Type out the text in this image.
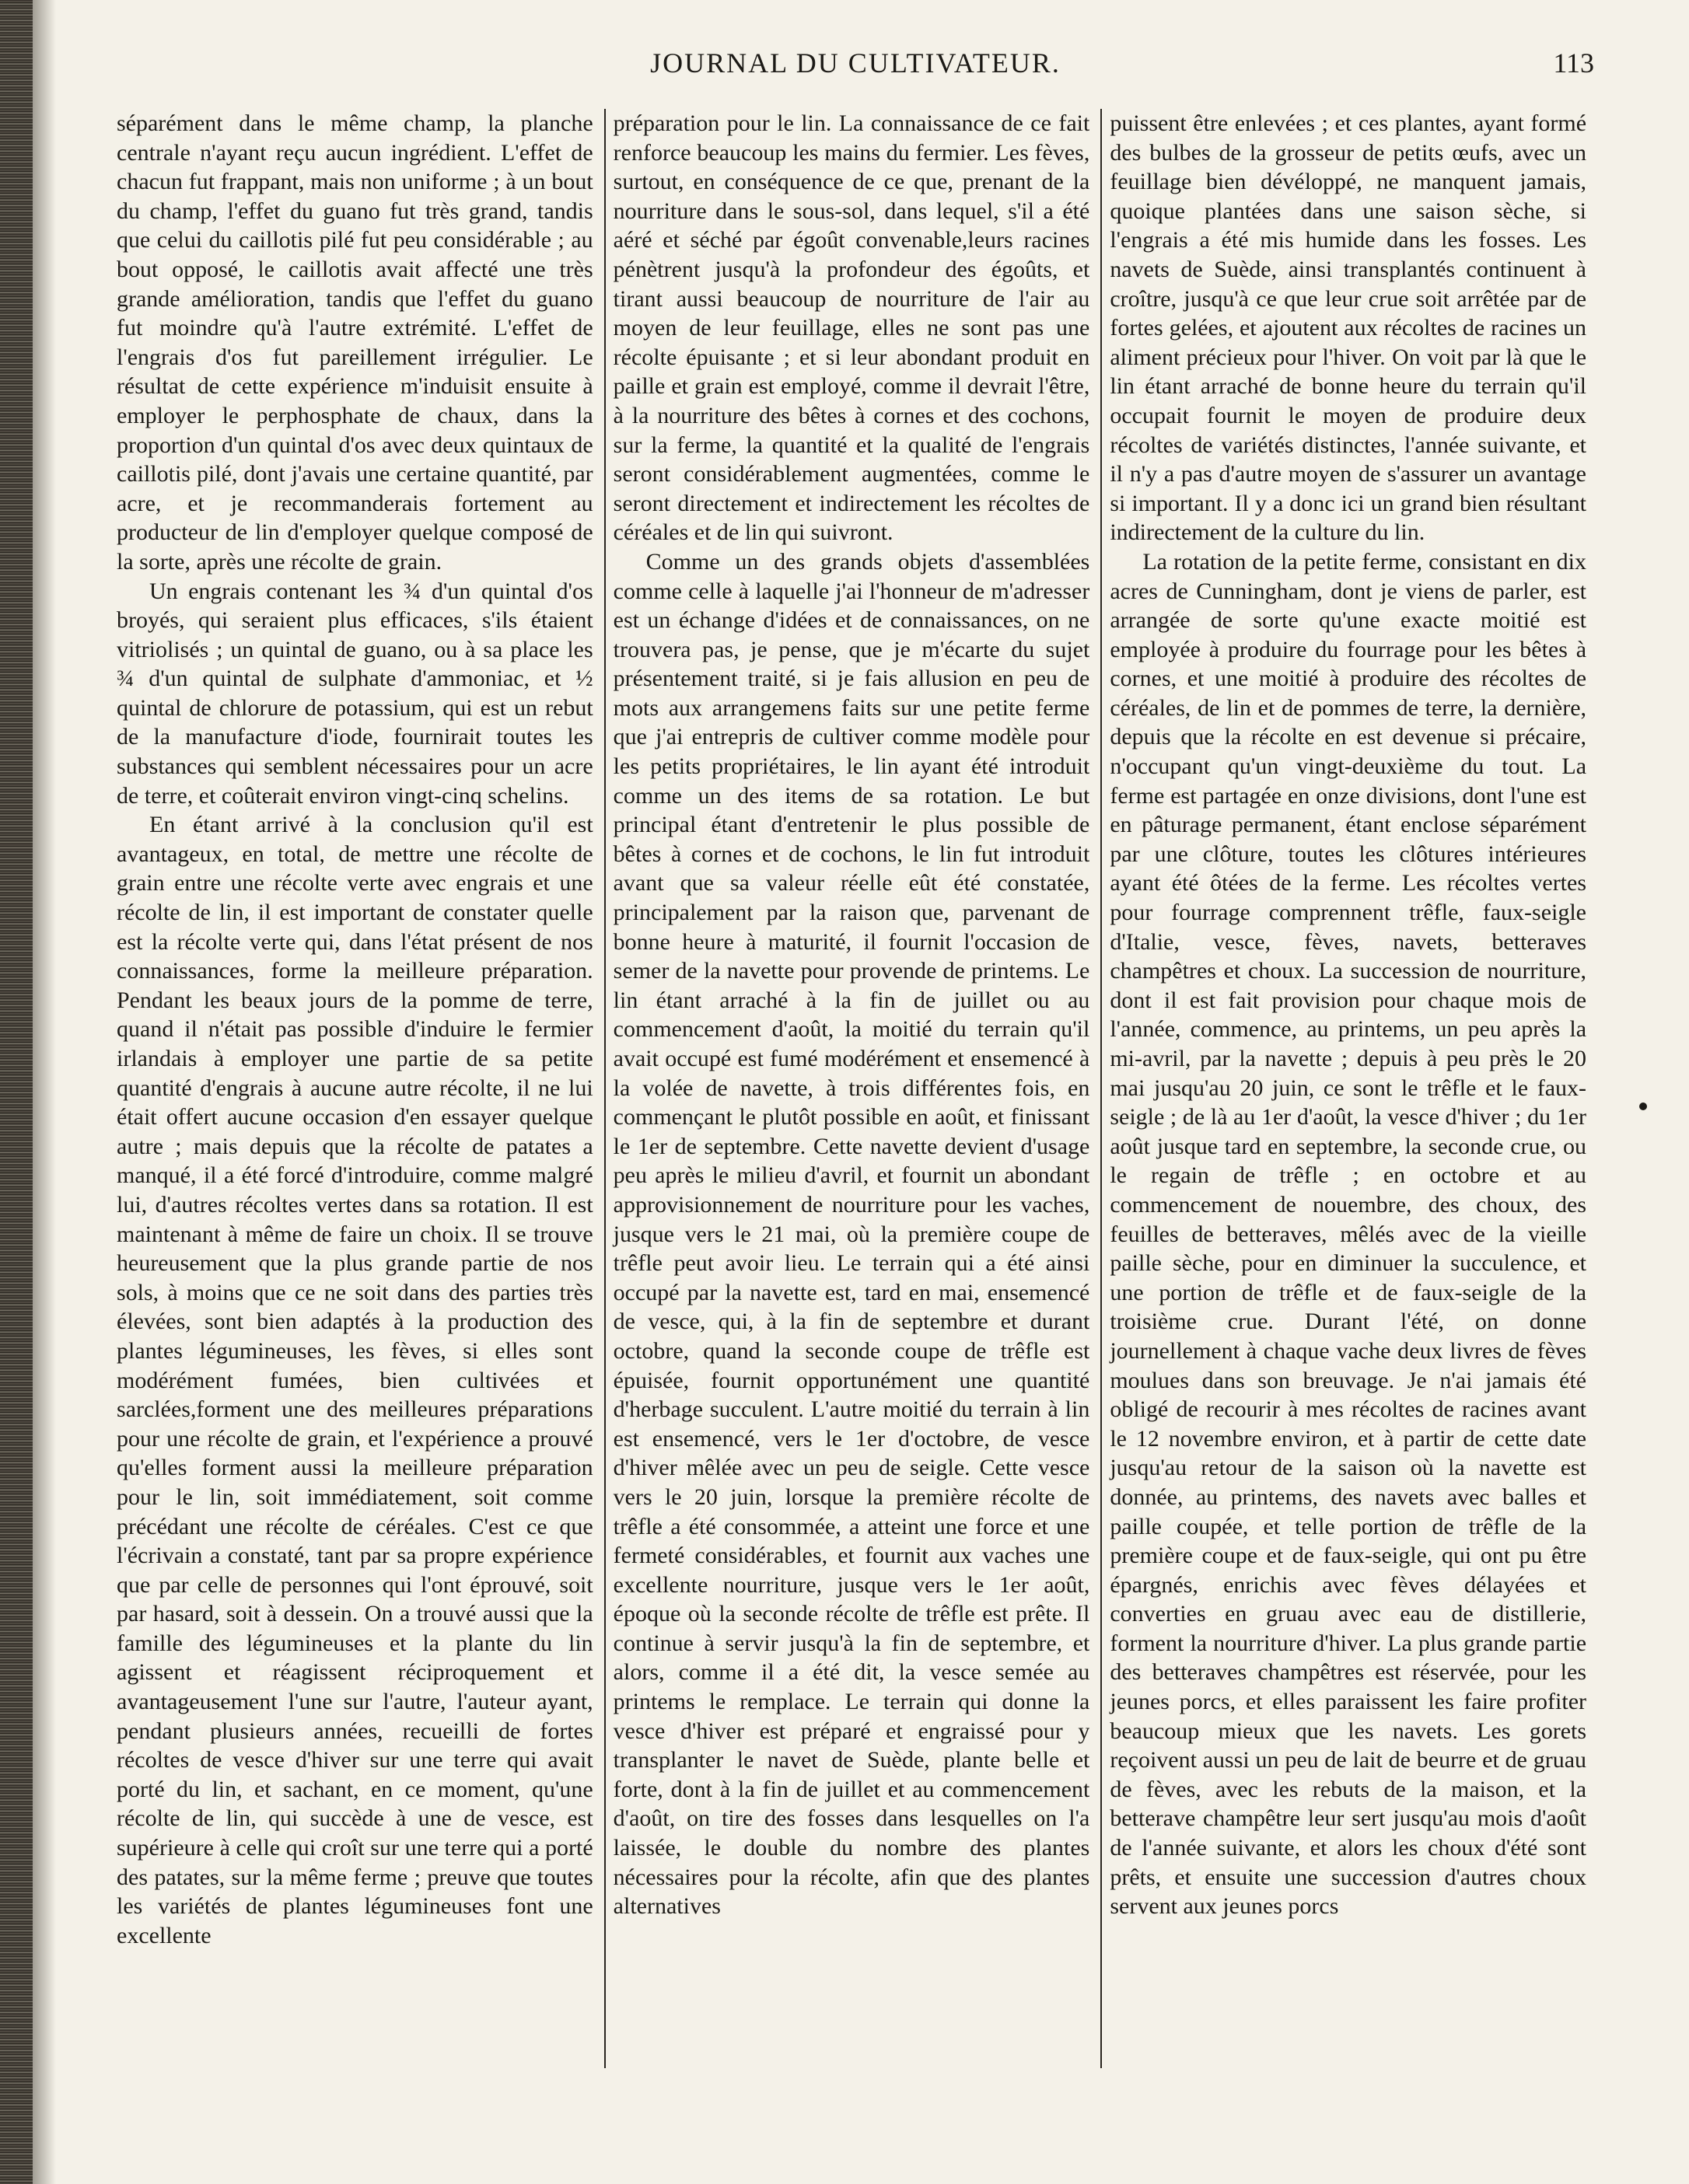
JOURNAL DU CULTIVATEUR.	113

séparément dans le même champ, la planche centrale n'ayant reçu aucun ingrédient. L'effet de chacun fut frappant, mais non uniforme ; à un bout du champ, l'effet du guano fut très grand, tandis que celui du caillotis pilé fut peu considérable ; au bout opposé, le caillotis avait affecté une très grande amélioration, tandis que l'effet du guano fut moindre qu'à l'autre extrémité. L'effet de l'engrais d'os fut pareillement irrégulier. Le résultat de cette expérience m'induisit ensuite à employer le perphosphate de chaux, dans la proportion d'un quintal d'os avec deux quintaux de caillotis pilé, dont j'avais une certaine quantité, par acre, et je recommanderais fortement au producteur de lin d'employer quelque composé de la sorte, après une récolte de grain.

Un engrais contenant les ¾ d'un quintal d'os broyés, qui seraient plus efficaces, s'ils étaient vitriolisés ; un quintal de guano, ou à sa place les ¾ d'un quintal de sulphate d'ammoniac, et ½ quintal de chlorure de potassium, qui est un rebut de la manufacture d'iode, fournirait toutes les substances qui semblent nécessaires pour un acre de terre, et coûterait environ vingt-cinq schelins.

En étant arrivé à la conclusion qu'il est avantageux, en total, de mettre une récolte de grain entre une récolte verte avec engrais et une récolte de lin, il est important de constater quelle est la récolte verte qui, dans l'état présent de nos connaissances, forme la meilleure préparation. Pendant les beaux jours de la pomme de terre, quand il n'était pas possible d'induire le fermier irlandais à employer une partie de sa petite quantité d'engrais à aucune autre récolte, il ne lui était offert aucune occasion d'en essayer quelque autre ; mais depuis que la récolte de patates a manqué, il a été forcé d'introduire, comme malgré lui, d'autres récoltes vertes dans sa rotation. Il est maintenant à même de faire un choix. Il se trouve heureusement que la plus grande partie de nos sols, à moins que ce ne soit dans des parties très élevées, sont bien adaptés à la production des plantes légumineuses, les fèves, si elles sont modérément fumées, bien cultivées et sarclées,forment une des meilleures préparations pour une récolte de grain, et l'expérience a prouvé qu'elles forment aussi la meilleure préparation pour le lin, soit immédiatement, soit comme précédant une récolte de céréales. C'est ce que l'écrivain a constaté, tant par sa propre expérience que par celle de personnes qui l'ont éprouvé, soit par hasard, soit à dessein. On a trouvé aussi que la famille des légumineuses et la plante du lin agissent et réagissent réciproquement et avantageusement l'une sur l'autre, l'auteur ayant, pendant plusieurs années, recueilli de fortes récoltes de vesce d'hiver sur une terre qui avait porté du lin, et sachant, en ce moment, qu'une récolte de lin, qui succède à une de vesce, est supérieure à celle qui croît sur une terre qui a porté des patates, sur la même ferme ; preuve que toutes les variétés de plantes légumineuses font une excellente

préparation pour le lin. La connaissance de ce fait renforce beaucoup les mains du fermier. Les fèves, surtout, en conséquence de ce que, prenant de la nourriture dans le sous-sol, dans lequel, s'il a été aéré et séché par égoût convenable,leurs racines pénètrent jusqu'à la profondeur des égoûts, et tirant aussi beaucoup de nourriture de l'air au moyen de leur feuillage, elles ne sont pas une récolte épuisante ; et si leur abondant produit en paille et grain est employé, comme il devrait l'être, à la nourriture des bêtes à cornes et des cochons, sur la ferme, la quantité et la qualité de l'engrais seront considérablement augmentées, comme le seront directement et indirectement les récoltes de céréales et de lin qui suivront.

Comme un des grands objets d'assemblées comme celle à laquelle j'ai l'honneur de m'adresser est un échange d'idées et de connaissances, on ne trouvera pas, je pense, que je m'écarte du sujet présentement traité, si je fais allusion en peu de mots aux arrangemens faits sur une petite ferme que j'ai entrepris de cultiver comme modèle pour les petits propriétaires, le lin ayant été introduit comme un des items de sa rotation. Le but principal étant d'entretenir le plus possible de bêtes à cornes et de cochons, le lin fut introduit avant que sa valeur réelle eût été constatée, principalement par la raison que, parvenant de bonne heure à maturité, il fournit l'occasion de semer de la navette pour provende de printems. Le lin étant arraché à la fin de juillet ou au commencement d'août, la moitié du terrain qu'il avait occupé est fumé modérément et ensemencé à la volée de navette, à trois différentes fois, en commençant le plutôt possible en août, et finissant le 1er de septembre. Cette navette devient d'usage peu après le milieu d'avril, et fournit un abondant approvisionnement de nourriture pour les vaches, jusque vers le 21 mai, où la première coupe de trêfle peut avoir lieu. Le terrain qui a été ainsi occupé par la navette est, tard en mai, ensemencé de vesce, qui, à la fin de septembre et durant octobre, quand la seconde coupe de trêfle est épuisée, fournit opportunément une quantité d'herbage succulent. L'autre moitié du terrain à lin est ensemencé, vers le 1er d'octobre, de vesce d'hiver mêlée avec un peu de seigle. Cette vesce vers le 20 juin, lorsque la première récolte de trêfle a été consommée, a atteint une force et une fermeté considérables, et fournit aux vaches une excellente nourriture, jusque vers le 1er août, époque où la seconde récolte de trêfle est prête. Il continue à servir jusqu'à la fin de septembre, et alors, comme il a été dit, la vesce semée au printems le remplace. Le terrain qui donne la vesce d'hiver est préparé et engraissé pour y transplanter le navet de Suède, plante belle et forte, dont à la fin de juillet et au commencement d'août, on tire des fosses dans lesquelles on l'a laissée, le double du nombre des plantes nécessaires pour la récolte, afin que des plantes alternatives

puissent être enlevées ; et ces plantes, ayant formé des bulbes de la grosseur de petits œufs, avec un feuillage bien dévéloppé, ne manquent jamais, quoique plantées dans une saison sèche, si l'engrais a été mis humide dans les fosses. Les navets de Suède, ainsi transplantés continuent à croître, jusqu'à ce que leur crue soit arrêtée par de fortes gelées, et ajoutent aux récoltes de racines un aliment précieux pour l'hiver. On voit par là que le lin étant arraché de bonne heure du terrain qu'il occupait fournit le moyen de produire deux récoltes de variétés distinctes, l'année suivante, et il n'y a pas d'autre moyen de s'assurer un avantage si important. Il y a donc ici un grand bien résultant indirectement de la culture du lin.

La rotation de la petite ferme, consistant en dix acres de Cunningham, dont je viens de parler, est arrangée de sorte qu'une exacte moitié est employée à produire du fourrage pour les bêtes à cornes, et une moitié à produire des récoltes de céréales, de lin et de pommes de terre, la dernière, depuis que la récolte en est devenue si précaire, n'occupant qu'un vingt-deuxième du tout. La ferme est partagée en onze divisions, dont l'une est en pâturage permanent, étant enclose séparément par une clôture, toutes les clôtures intérieures ayant été ôtées de la ferme. Les récoltes vertes pour fourrage comprennent trêfle, faux-seigle d'Italie, vesce, fèves, navets, betteraves champêtres et choux. La succession de nourriture, dont il est fait provision pour chaque mois de l'année, commence, au printems, un peu après la mi-avril, par la navette ; depuis à peu près le 20 mai jusqu'au 20 juin, ce sont le trêfle et le faux-seigle ; de là au 1er d'août, la vesce d'hiver ; du 1er août jusque tard en septembre, la seconde crue, ou le regain de trêfle ; en octobre et au commencement de nouembre, des choux, des feuilles de betteraves, mêlés avec de la vieille paille sèche, pour en diminuer la succulence, et une portion de trêfle et de faux-seigle de la troisième crue. Durant l'été, on donne journellement à chaque vache deux livres de fèves moulues dans son breuvage. Je n'ai jamais été obligé de recourir à mes récoltes de racines avant le 12 novembre environ, et à partir de cette date jusqu'au retour de la saison où la navette est donnée, au printems, des navets avec balles et paille coupée, et telle portion de trêfle de la première coupe et de faux-seigle, qui ont pu être épargnés, enrichis avec fèves délayées et converties en gruau avec eau de distillerie, forment la nourriture d'hiver. La plus grande partie des betteraves champêtres est réservée, pour les jeunes porcs, et elles paraissent les faire profiter beaucoup mieux que les navets. Les gorets reçoivent aussi un peu de lait de beurre et de gruau de fèves, avec les rebuts de la maison, et la betterave champêtre leur sert jusqu'au mois d'août de l'année suivante, et alors les choux d'été sont prêts, et ensuite une succession d'autres choux servent aux jeunes porcs
